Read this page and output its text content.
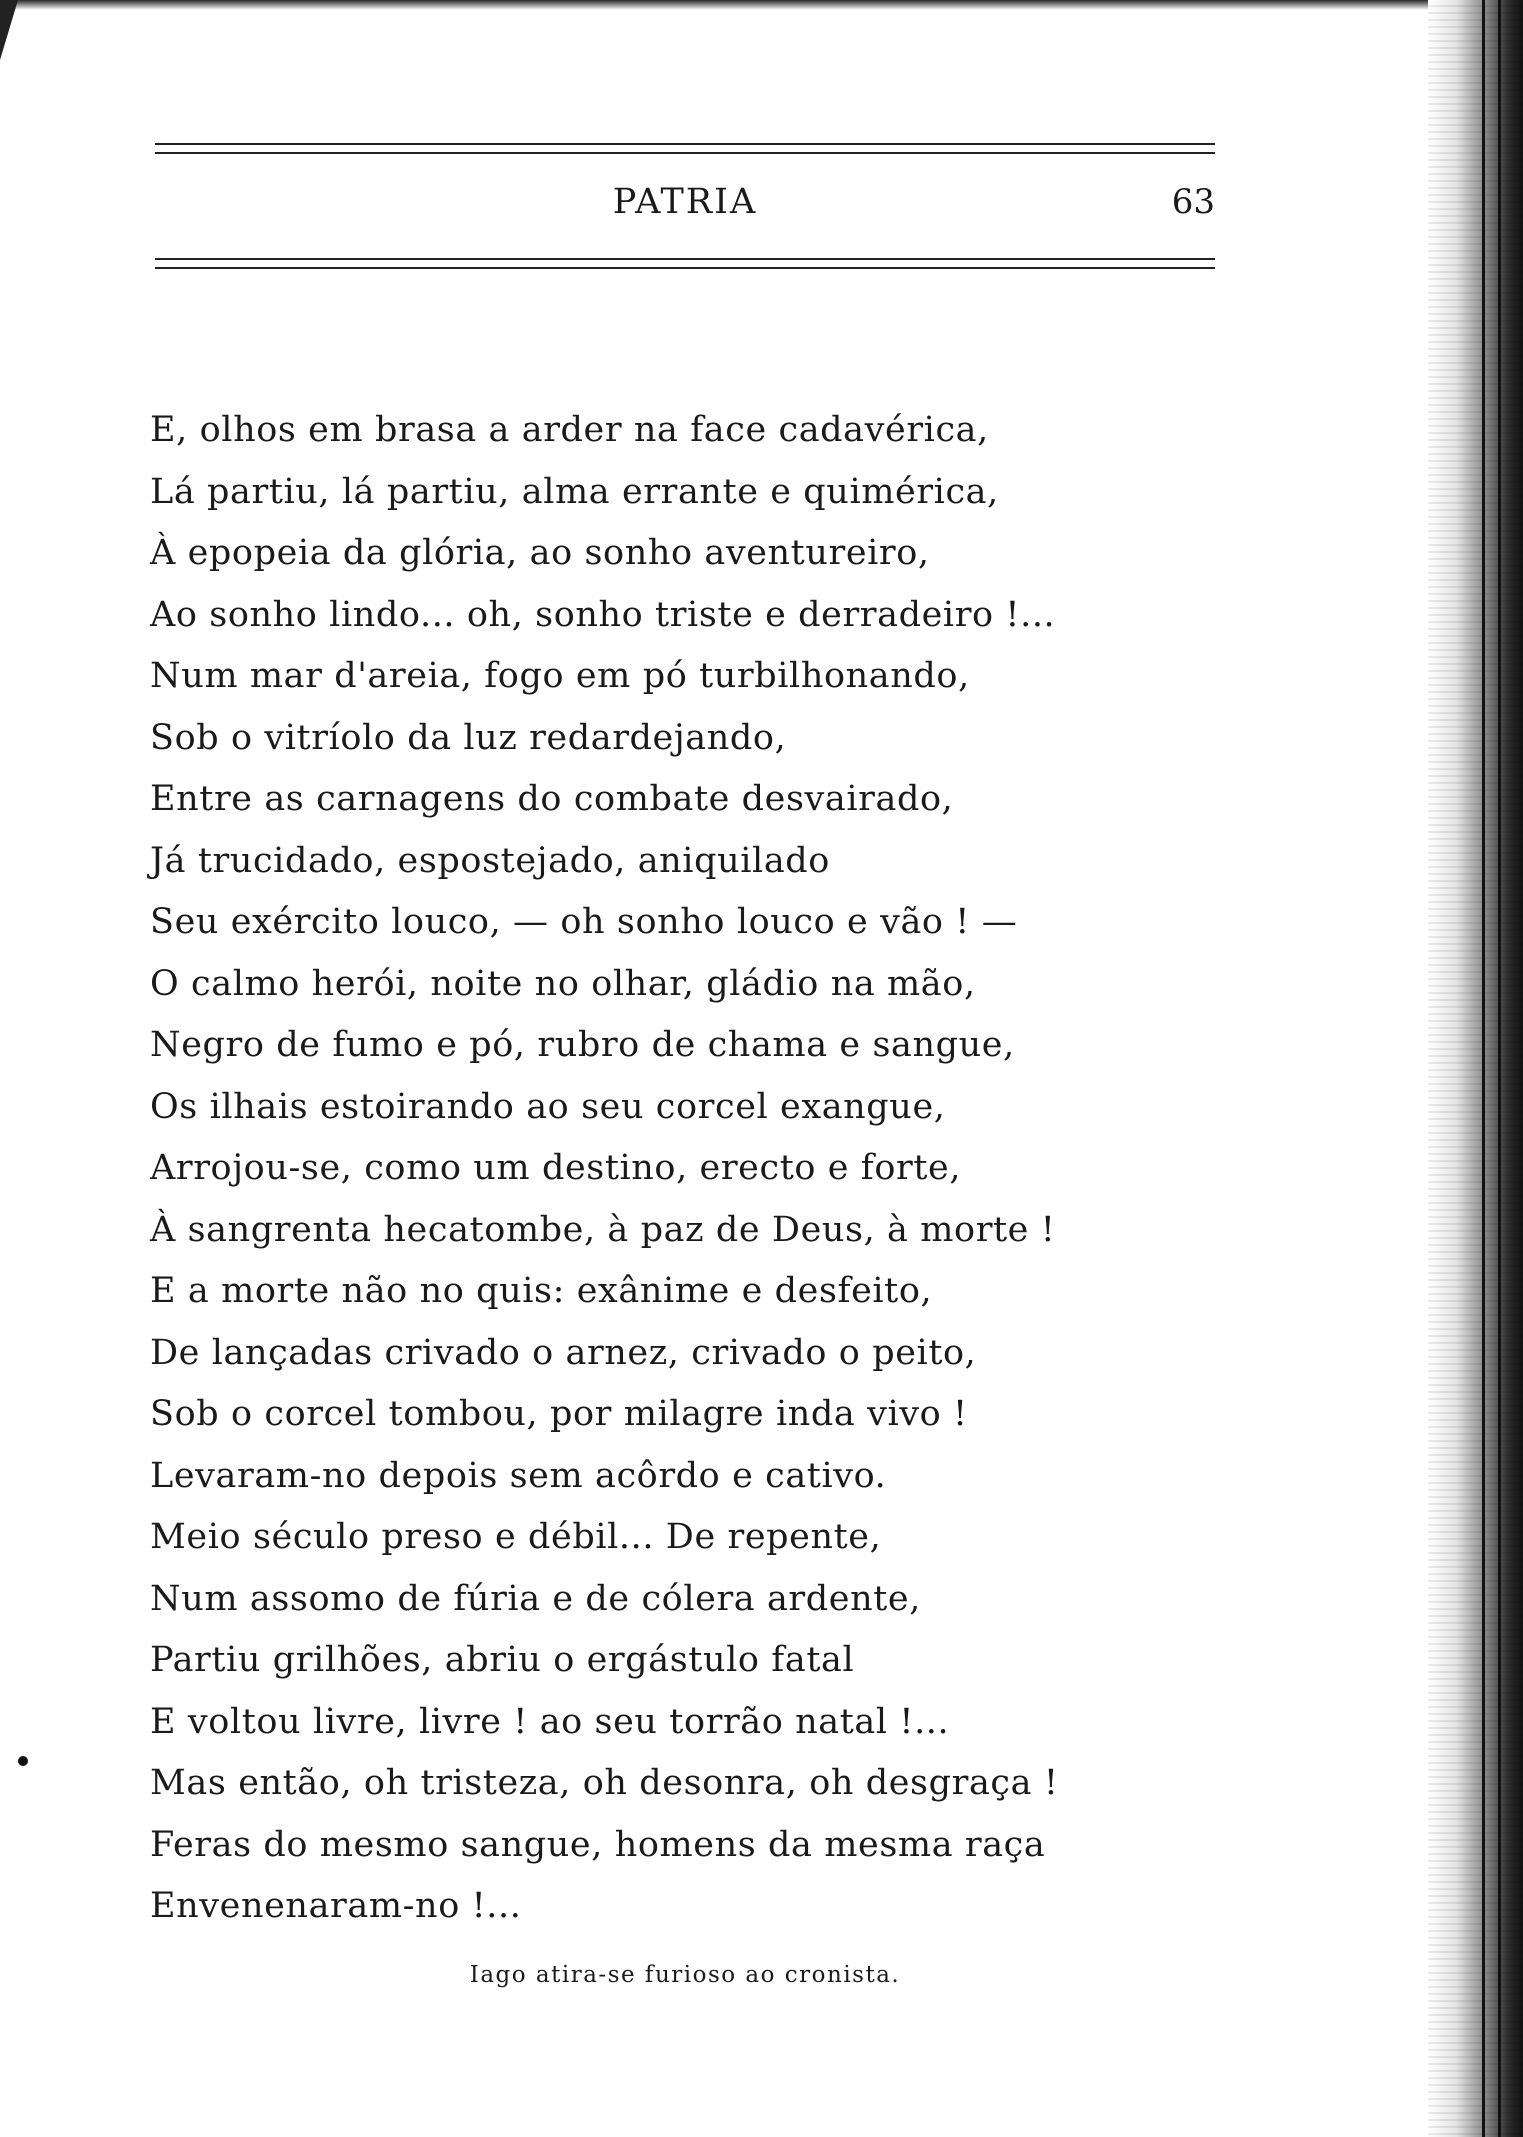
PATRIA	63
E, olhos em brasa a arder na face cadavérica,
Lá partiu, lá partiu, alma errante e quimérica,
À epopeia da glória, ao sonho aventureiro,
Ao sonho lindo... oh, sonho triste e derradeiro !...
Num mar d'areia, fogo em pó turbilhonando,
Sob o vitríolo da luz redardejando,
Entre as carnagens do combate desvairado,
Já trucidado, espostejado, aniquilado
Seu exército louco, — oh sonho louco e vão ! —
O calmo herói, noite no olhar, gládio na mão,
Negro de fumo e pó, rubro de chama e sangue,
Os ilhais estoirando ao seu corcel exangue,
Arrojou-se, como um destino, erecto e forte,
À sangrenta hecatombe, à paz de Deus, à morte !
E a morte não no quis: exânime e desfeito,
De lançadas crivado o arnez, crivado o peito,
Sob o corcel tombou, por milagre inda vivo !
Levaram-no depois sem acôrdo e cativo.
Meio século preso e débil... De repente,
Num assomo de fúria e de cólera ardente,
Partiu grilhões, abriu o ergástulo fatal
E voltou livre, livre ! ao seu torrão natal !...
Mas então, oh tristeza, oh desonra, oh desgraça !
Feras do mesmo sangue, homens da mesma raça
Envenenaram-no !...
Iago atira-se furioso ao cronista.
